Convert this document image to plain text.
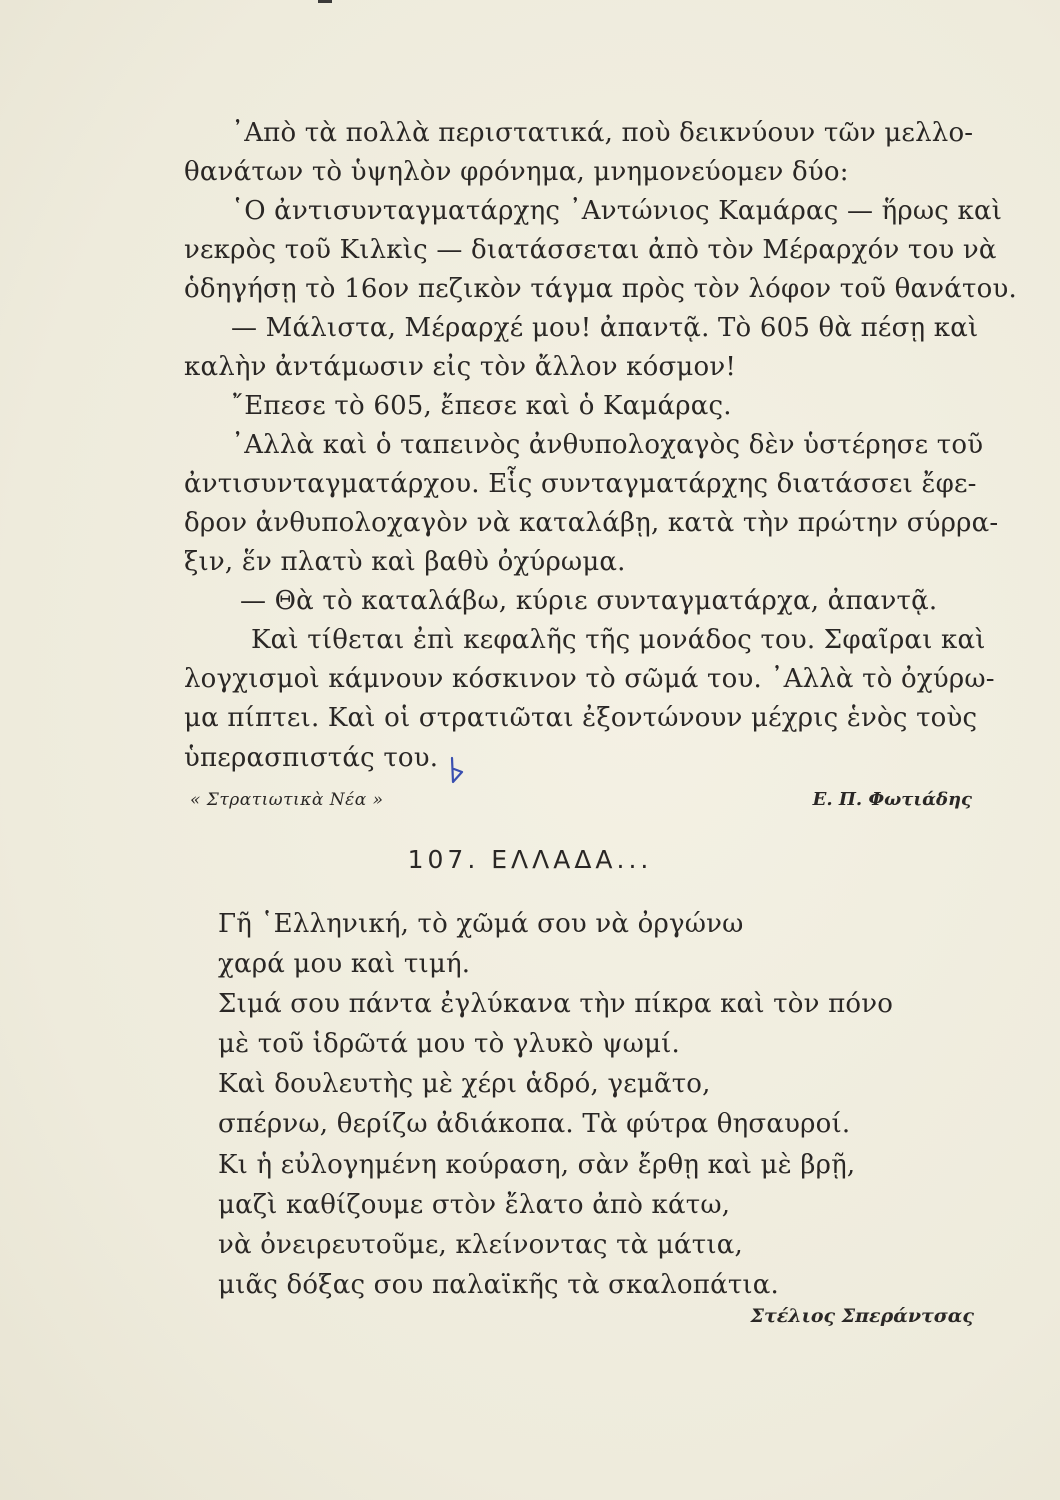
᾿Απὸ τὰ πολλὰ περιστατικά, ποὺ δεικνύουν τῶν μελλο-
θανάτων τὸ ὑψηλὸν φρόνημα, μνημονεύομεν δύο:
῾Ο ἀντισυνταγματάρχης ᾿Αντώνιος Καμάρας — ἥρως καὶ
νεκρὸς τοῦ Κιλκὶς — διατάσσεται ἀπὸ τὸν Μέραρχόν του νὰ
ὁδηγήσῃ τὸ 16ον πεζικὸν τάγμα πρὸς τὸν λόφον τοῦ θανάτου.
— Μάλιστα, Μέραρχέ μου! ἀπαντᾷ. Τὸ 605 θὰ πέσῃ καὶ
καλὴν ἀντάμωσιν εἰς τὸν ἄλλον κόσμον!
῎Επεσε τὸ 605, ἔπεσε καὶ ὁ Καμάρας.
᾿Αλλὰ καὶ ὁ ταπεινὸς ἀνθυπολοχαγὸς δὲν ὑστέρησε τοῦ
ἀντισυνταγματάρχου. Εἷς συνταγματάρχης διατάσσει ἔφε-
δρον ἀνθυπολοχαγὸν νὰ καταλάβῃ, κατὰ τὴν πρώτην σύρρα-
ξιν, ἕν πλατὺ καὶ βαθὺ ὀχύρωμα.
— Θὰ τὸ καταλάβω, κύριε συνταγματάρχα, ἀπαντᾷ.
Καὶ τίθεται ἐπὶ κεφαλῆς τῆς μονάδος του. Σφαῖραι καὶ
λογχισμοὶ κάμνουν κόσκινον τὸ σῶμά του. ᾿Αλλὰ τὸ ὀχύρω-
μα πίπτει. Καὶ οἱ στρατιῶται ἐξοντώνουν μέχρις ἑνὸς τοὺς
ὑπερασπιστάς του.
« Στρατιωτικὰ Νέα »	Ε. Π. Φωτιάδης
107. ΕΛΛΑΔΑ...
Γῆ ῾Ελληνική, τὸ χῶμά σου νὰ ὀργώνω
χαρά μου καὶ τιμή.
Σιμά σου πάντα ἐγλύκανα τὴν πίκρα καὶ τὸν πόνο
μὲ τοῦ ἱδρῶτά μου τὸ γλυκὸ ψωμί.
Καὶ δουλευτὴς μὲ χέρι ἁδρό, γεμᾶτο,
σπέρνω, θερίζω ἀδιάκοπα. Τὰ φύτρα θησαυροί.
Κι ἡ εὐλογημένη κούραση, σὰν ἔρθῃ καὶ μὲ βρῇ,
μαζὶ καθίζουμε στὸν ἔλατο ἀπὸ κάτω,
νὰ ὀνειρευτοῦμε, κλείνοντας τὰ μάτια,
μιᾶς δόξας σου παλαϊκῆς τὰ σκαλοπάτια.
Στέλιος Σπεράντσας
